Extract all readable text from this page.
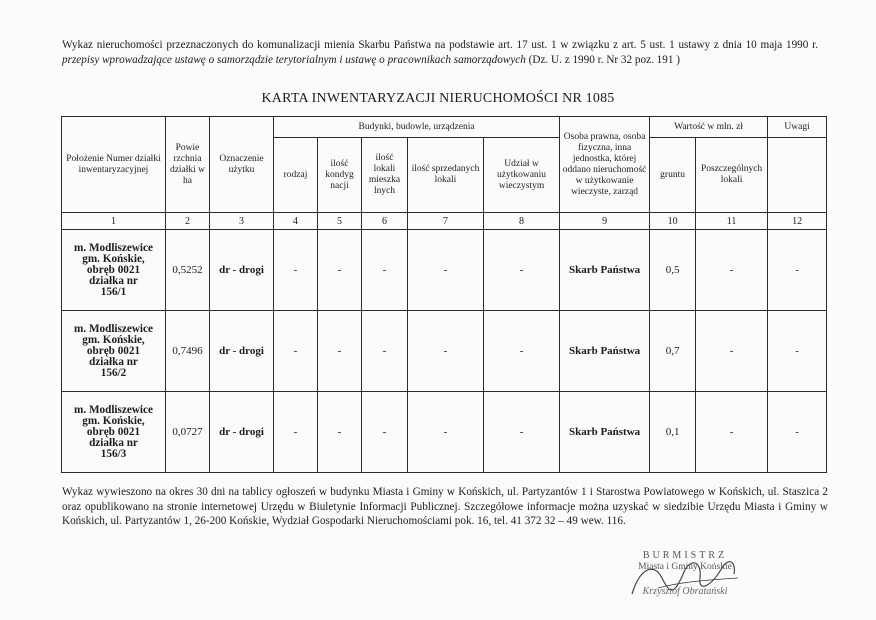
Wykaz nieruchomości przeznaczonych do komunalizacji mienia Skarbu Państwa na podstawie art. 17 ust. 1 w związku z art. 5 ust. 1 ustawy z dnia 10 maja 1990 r. przepisy wprowadzające ustawę o samorządzie terytorialnym i ustawę o pracownikach samorządowych (Dz. U. z 1990 r. Nr 32 poz. 191 )
KARTA INWENTARYZACJI NIERUCHOMOŚCI NR 1085
Położenie Numer działki inwentaryzacyjnej	Powie rzchnia działki w ha	Oznaczenie użytku	Budynki, budowle, urządzenia					Osoba prawna, osoba fizyczna, inna jednostka, której oddano nieruchomość w użytkowanie wieczyste, zarząd	Wartość w mln. zł		Uwagi
			rodzaj	ilość kondyg nacji	ilość lokali mieszka lnych	ilość sprzedanych lokali	Udział w użytkowaniu wieczystym		gruntu	Poszczególnych lokali	
1	2	3	4	5	6	7	8	9	10	11	12

m. Modliszewice
gm. Końskie,
obręb 0021
działka nr
156/1	0,5252	dr - drogi	-	-	-	-	-	Skarb Państwa	0,5	-	-

m. Modliszewice
gm. Końskie,
obręb 0021
działka nr
156/2	0,7496	dr - drogi	-	-	-	-	-	Skarb Państwa	0,7	-	-

m. Modliszewice
gm. Końskie,
obręb 0021
działka nr
156/3	0,0727	dr - drogi	-	-	-	-	-	Skarb Państwa	0,1	-	-
Wykaz wywieszono na okres 30 dni na tablicy ogłoszeń w budynku Miasta i Gminy w Końskich, ul. Partyzantów 1 i Starostwa Powiatowego w Końskich, ul. Staszica 2 oraz opublikowano na stronie internetowej Urzędu w Biuletynie Informacji Publicznej. Szczegółowe informacje można uzyskać w siedzibie Urzędu Miasta i Gminy w Końskich, ul. Partyzantów 1, 26-200 Końskie, Wydział Gospodarki Nieruchomościami pok. 16, tel. 41 372 32 – 49 wew. 116.
BURMISTRZ
Miasta i Gminy Końskie
Krzysztof Obratański
